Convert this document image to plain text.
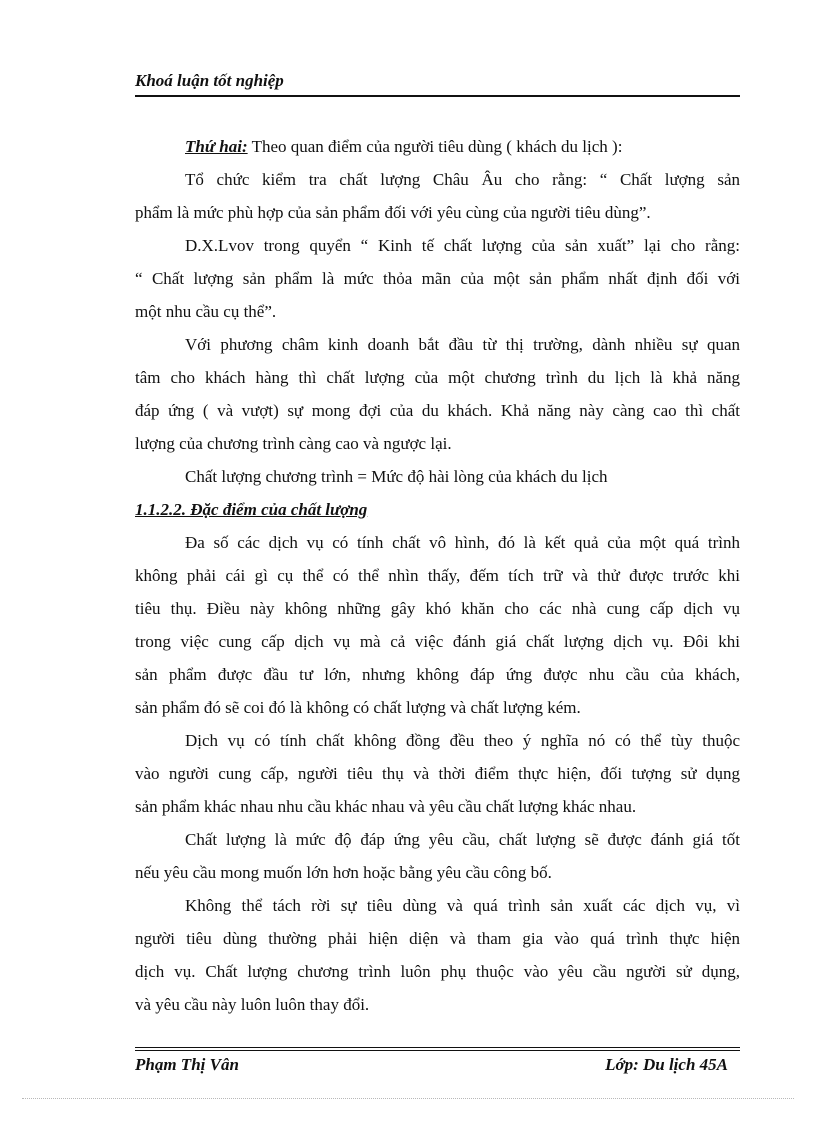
Khoá luận tốt nghiệp
Thứ hai: Theo quan điểm của người tiêu dùng ( khách du lịch ):
Tổ chức kiểm tra chất lượng Châu Âu cho rằng: “ Chất lượng sản
phẩm là mức phù hợp của sản phẩm đối với yêu cùng của người tiêu dùng”.
D.X.Lvov trong quyển “ Kinh tế chất lượng của sản xuất” lại cho rằng:
“ Chất lượng sản phẩm là mức thỏa mãn của một sản phẩm nhất định đối với
một nhu cầu cụ thể”.
Với phương châm kinh doanh bắt đầu từ thị trường, dành nhiều sự quan
tâm cho khách hàng thì chất lượng của một chương trình du lịch là khả năng
đáp ứng ( và vượt) sự mong đợi của du khách. Khả năng này càng cao thì chất
lượng của chương trình càng cao và ngược lại.
Chất lượng chương trình = Mức độ hài lòng của khách du lịch
1.1.2.2. Đặc điểm của chất lượng
Đa số các dịch vụ có tính chất vô hình, đó là kết quả của một quá trình
không phải cái gì cụ thể có thể nhìn thấy, đếm tích trữ và thử được trước khi
tiêu thụ. Điều này không những gây khó khăn cho các nhà cung cấp dịch vụ
trong việc cung cấp dịch vụ mà cả việc đánh giá chất lượng dịch vụ. Đôi khi
sản phẩm được đầu tư lớn, nhưng không đáp ứng được nhu cầu của khách,
sản phẩm đó sẽ coi đó là không có chất lượng và chất lượng kém.
Dịch vụ có tính chất không đồng đều theo ý nghĩa nó có thể tùy thuộc
vào người cung cấp, người tiêu thụ và thời điểm thực hiện, đối tượng sử dụng
sản phẩm khác nhau nhu cầu khác nhau và yêu cầu chất lượng khác nhau.
Chất lượng là mức độ đáp ứng yêu cầu, chất lượng sẽ được đánh giá tốt
nếu yêu cầu mong muốn lớn hơn hoặc bằng yêu cầu công bố.
Không thể tách rời sự tiêu dùng và quá trình sản xuất các dịch vụ, vì
người tiêu dùng thường phải hiện diện và tham gia vào quá trình thực hiện
dịch vụ. Chất lượng chương trình luôn phụ thuộc vào yêu cầu người sử dụng,
và yêu cầu này luôn luôn thay đổi.
Phạm Thị Vân	Lớp: Du lịch 45A
